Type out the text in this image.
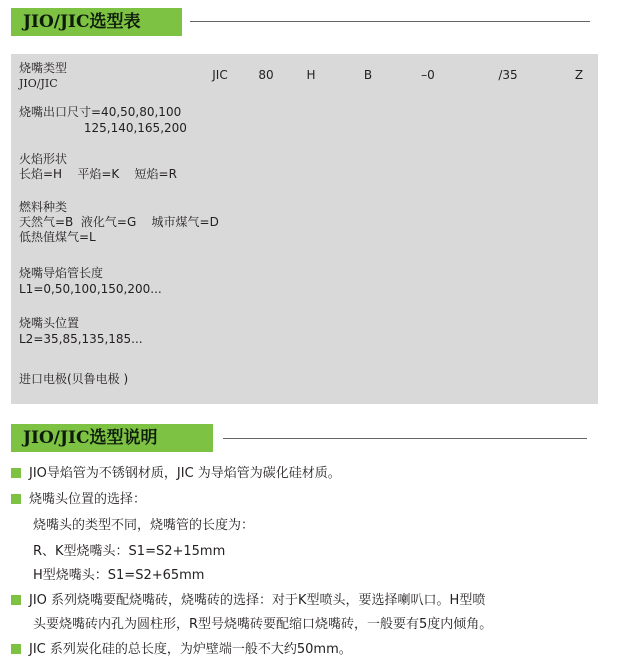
JIO/JIC选型表
JIC	80	H	B	–0	/35	Z
烧嘴类型
JIO/JIC
烧嘴出口尺寸=40,50,80,100
125,140,165,200
火焰形状
长焰=H    平焰=K    短焰=R
燃料种类
天然气=B  液化气=G    城市煤气=D
低热值煤气=L
烧嘴导焰管长度
L1=0,50,100,150,200...
烧嘴头位置
L2=35,85,135,185...
进口电极(贝鲁电极 )
JIO/JIC选型说明
JIO导焰管为不锈钢材质，JIC 为导焰管为碳化硅材质。
烧嘴头位置的选择：
烧嘴头的类型不同，烧嘴管的长度为：
R、K型烧嘴头：S1=S2+15mm
H型烧嘴头：S1=S2+65mm
JIO 系列烧嘴要配烧嘴砖，烧嘴砖的选择：对于K型喷头，要选择喇叭口。H型喷
头要烧嘴砖内孔为圆柱形，R型号烧嘴砖要配缩口烧嘴砖，一般要有5度内倾角。
JIC 系列炭化硅的总长度，为炉壁端一般不大约50mm。
